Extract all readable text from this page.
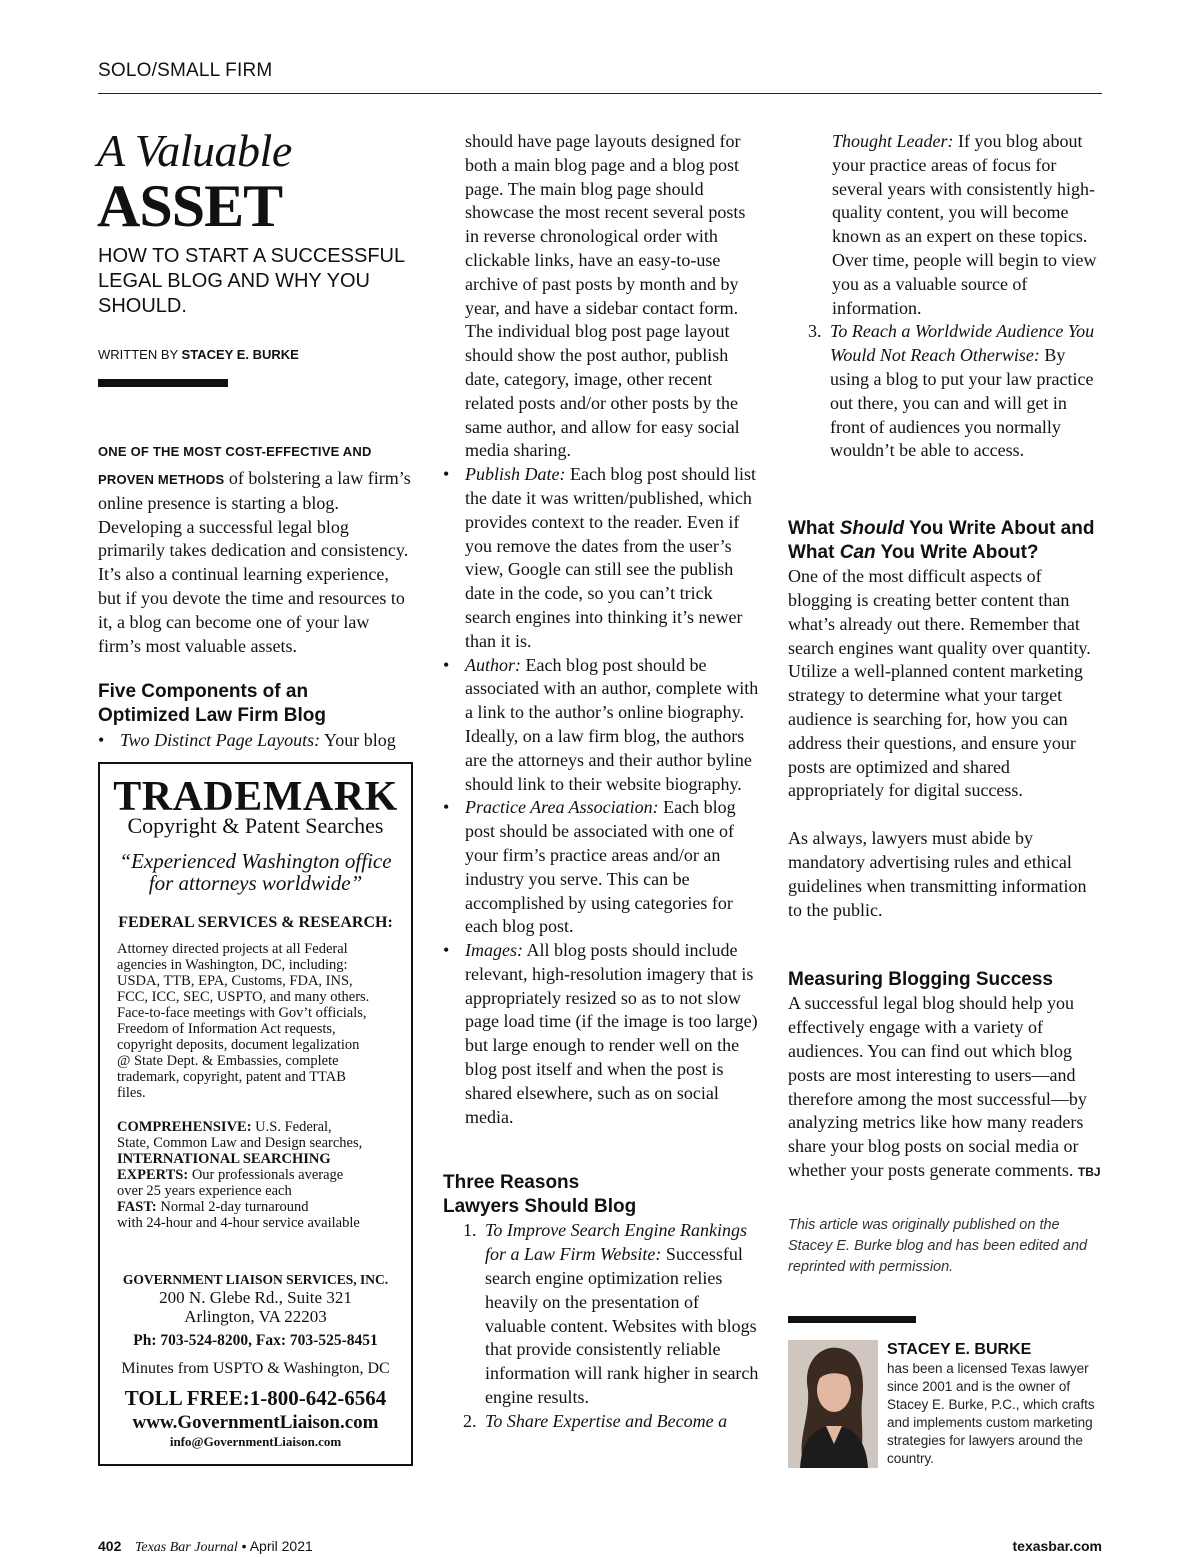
SOLO/SMALL FIRM
A Valuable
ASSET
HOW TO START A SUCCESSFUL LEGAL BLOG AND WHY YOU SHOULD.
WRITTEN BY STACEY E. BURKE
ONE OF THE MOST COST-EFFECTIVE AND
PROVEN METHODS of bolstering a law firm’s online presence is starting a blog. Developing a successful legal blog primarily takes dedication and consistency. It’s also a continual learning experience, but if you devote the time and resources to it, a blog can become one of your law firm’s most valuable assets.
Five Components of an Optimized Law Firm Blog
• Two Distinct Page Layouts: Your blog
TRADEMARK
Copyright & Patent Searches
“Experienced Washington office
for attorneys worldwide”
FEDERAL SERVICES & RESEARCH:
Attorney directed projects at all Federal
agencies in Washington, DC, including:
USDA, TTB, EPA, Customs, FDA, INS,
FCC, ICC, SEC, USPTO, and many others.
Face-to-face meetings with Gov’t officials,
Freedom of Information Act requests,
copyright deposits, document legalization
@ State Dept. & Embassies, complete
trademark, copyright, patent and TTAB
files.
COMPREHENSIVE: U.S. Federal,
State, Common Law and Design searches,
INTERNATIONAL SEARCHING
EXPERTS: Our professionals average
over 25 years experience each
FAST: Normal 2-day turnaround
with 24-hour and 4-hour service available
GOVERNMENT LIAISON SERVICES, INC.
200 N. Glebe Rd., Suite 321
Arlington, VA 22203
Ph: 703-524-8200, Fax: 703-525-8451
Minutes from USPTO & Washington, DC
TOLL FREE:1-800-642-6564
www.GovernmentLiaison.com
info@GovernmentLiaison.com
should have page layouts designed for both a main blog page and a blog post page. The main blog page should showcase the most recent several posts in reverse chronological order with clickable links, have an easy-to-use archive of past posts by month and by year, and have a sidebar contact form. The individual blog post page layout should show the post author, publish date, category, image, other recent related posts and/or other posts by the same author, and allow for easy social media sharing.
• Publish Date: Each blog post should list the date it was written/published, which provides context to the reader. Even if you remove the dates from the user’s view, Google can still see the publish date in the code, so you can’t trick search engines into thinking it’s newer than it is.
• Author: Each blog post should be associated with an author, complete with a link to the author’s online biography. Ideally, on a law firm blog, the authors are the attorneys and their author byline should link to their website biography.
• Practice Area Association: Each blog post should be associated with one of your firm’s practice areas and/or an industry you serve. This can be accomplished by using categories for each blog post.
• Images: All blog posts should include relevant, high-resolution imagery that is appropriately resized so as to not slow page load time (if the image is too large) but large enough to render well on the blog post itself and when the post is shared elsewhere, such as on social media.
Three Reasons
Lawyers Should Blog
1. To Improve Search Engine Rankings for a Law Firm Website: Successful search engine optimization relies heavily on the presentation of valuable content. Websites with blogs that provide consistently reliable information will rank higher in search engine results.
2. To Share Expertise and Become a
Thought Leader: If you blog about your practice areas of focus for several years with consistently high-quality content, you will become known as an expert on these topics. Over time, people will begin to view you as a valuable source of information.
3. To Reach a Worldwide Audience You Would Not Reach Otherwise: By using a blog to put your law practice out there, you can and will get in front of audiences you normally wouldn’t be able to access.
What Should You Write About and What Can You Write About?
One of the most difficult aspects of blogging is creating better content than what’s already out there. Remember that search engines want quality over quantity. Utilize a well-planned content marketing strategy to determine what your target audience is searching for, how you can address their questions, and ensure your posts are optimized and shared appropriately for digital success.
As always, lawyers must abide by mandatory advertising rules and ethical guidelines when transmitting information to the public.
Measuring Blogging Success
A successful legal blog should help you effectively engage with a variety of audiences. You can find out which blog posts are most interesting to users—and therefore among the most successful—by analyzing metrics like how many readers share your blog posts on social media or whether your posts generate comments. TBJ
This article was originally published on the Stacey E. Burke blog and has been edited and reprinted with permission.
STACEY E. BURKE
has been a licensed Texas lawyer since 2001 and is the owner of Stacey E. Burke, P.C., which crafts and implements custom marketing strategies for lawyers around the country.
402 Texas Bar Journal • April 2021	texasbar.com
